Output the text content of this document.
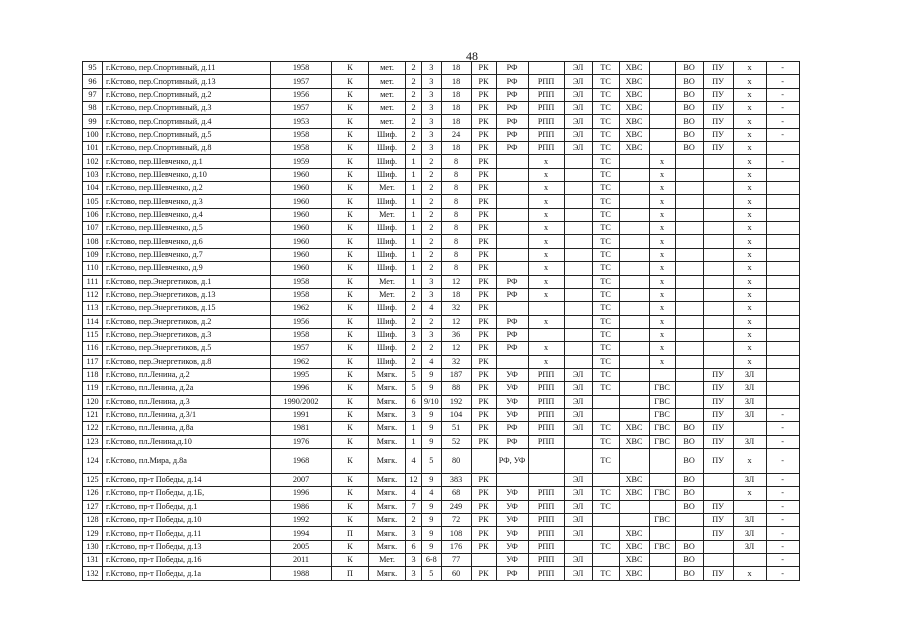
48
95	г.Кстово, пер.Спортивный, д.11	1958	К	мет.	2	3	18	РК	РФ		ЭЛ	ТС	ХВС		ВО	ПУ	х	-
96	г.Кстово, пер.Спортивный, д.13	1957	К	мет.	2	3	18	РК	РФ	РПП	ЭЛ	ТС	ХВС		ВО	ПУ	х	-
97	г.Кстово, пер.Спортивный, д.2	1956	К	мет.	2	3	18	РК	РФ	РПП	ЭЛ	ТС	ХВС		ВО	ПУ	х	-
98	г.Кстово, пер.Спортивный, д.3	1957	К	мет.	2	3	18	РК	РФ	РПП	ЭЛ	ТС	ХВС		ВО	ПУ	х	-
99	г.Кстово, пер.Спортивный, д.4	1953	К	мет.	2	3	18	РК	РФ	РПП	ЭЛ	ТС	ХВС		ВО	ПУ	х	-
100	г.Кстово, пер.Спортивный, д.5	1958	К	Шиф.	2	3	24	РК	РФ	РПП	ЭЛ	ТС	ХВС		ВО	ПУ	х	-
101	г.Кстово, пер.Спортивный, д.8	1958	К	Шиф.	2	3	18	РК	РФ	РПП	ЭЛ	ТС	ХВС		ВО	ПУ	х	
102	г.Кстово, пер.Шевченко, д.1	1959	К	Шиф.	1	2	8	РК		х		ТС		х			х	-
103	г.Кстово, пер.Шевченко, д.10	1960	К	Шиф.	1	2	8	РК		х		ТС		х			х	
104	г.Кстово, пер.Шевченко, д.2	1960	К	Мет.	1	2	8	РК		х		ТС		х			х	
105	г.Кстово, пер.Шевченко, д.3	1960	К	Шиф.	1	2	8	РК		х		ТС		х			х	
106	г.Кстово, пер.Шевченко, д.4	1960	К	Мет.	1	2	8	РК		х		ТС		х			х	
107	г.Кстово, пер.Шевченко, д.5	1960	К	Шиф.	1	2	8	РК		х		ТС		х			х	
108	г.Кстово, пер.Шевченко, д.6	1960	К	Шиф.	1	2	8	РК		х		ТС		х			х	
109	г.Кстово, пер.Шевченко, д.7	1960	К	Шиф.	1	2	8	РК		х		ТС		х			х	
110	г.Кстово, пер.Шевченко, д.9	1960	К	Шиф.	1	2	8	РК		х		ТС		х			х	
111	г.Кстово, пер.Энергетиков, д.1	1958	К	Мет.	1	3	12	РК	РФ	х		ТС		х			х	
112	г.Кстово, пер.Энергетиков, д.13	1958	К	Мет.	2	3	18	РК	РФ	х		ТС		х			х	
113	г.Кстово, пер.Энергетиков, д.15	1962	К	Шиф.	2	4	32	РК				ТС		х			х	
114	г.Кстово, пер.Энергетиков, д.2	1956	К	Шиф.	2	2	12	РК	РФ	х		ТС		х			х	
115	г.Кстово, пер.Энергетиков, д.3	1958	К	Шиф.	3	3	36	РК	РФ			ТС		х			х	
116	г.Кстово, пер.Энергетиков, д.5	1957	К	Шиф.	2	2	12	РК	РФ	х		ТС		х			х	
117	г.Кстово, пер.Энергетиков, д.8	1962	К	Шиф.	2	4	32	РК		х		ТС		х			х	
118	г.Кстово, пл.Ленина, д.2	1995	К	Мягк.	5	9	187	РК	УФ	РПП	ЭЛ	ТС				ПУ	ЗЛ	
119	г.Кстово, пл.Ленина, д.2а	1996	К	Мягк.	5	9	88	РК	УФ	РПП	ЭЛ	ТС		ГВС		ПУ	ЗЛ	
120	г.Кстово, пл.Ленина, д.3	1990/2002	К	Мягк.	6	9/10	192	РК	УФ	РПП	ЭЛ			ГВС		ПУ	ЗЛ	
121	г.Кстово, пл.Ленина, д.3/1	1991	К	Мягк.	3	9	104	РК	УФ	РПП	ЭЛ			ГВС		ПУ	ЗЛ	-
122	г.Кстово, пл.Ленина, д.8а	1981	К	Мягк.	1	9	51	РК	РФ	РПП	ЭЛ	ТС	ХВС	ГВС	ВО	ПУ		-
123	г.Кстово, пл.Ленина,д.10	1976	К	Мягк.	1	9	52	РК	РФ	РПП		ТС	ХВС	ГВС	ВО	ПУ	ЗЛ	-
124	г.Кстово, пл.Мира, д.8а	1968	К	Мягк.	4	5	80		РФ, УФ			ТС			ВО	ПУ	х	-
125	г.Кстово, пр-т Победы, д.14	2007	К	Мягк.	12	9	383	РК			ЭЛ		ХВС		ВО		ЗЛ	-
126	г.Кстово, пр-т Победы, д.1Б,	1996	К	Мягк.	4	4	68	РК	УФ	РПП	ЭЛ	ТС	ХВС	ГВС	ВО		х	-
127	г.Кстово, пр-т Победы, д.1	1986	К	Мягк.	7	9	249	РК	УФ	РПП	ЭЛ	ТС			ВО	ПУ		-
128	г.Кстово, пр-т Победы, д.10	1992	К	Мягк.	2	9	72	РК	УФ	РПП	ЭЛ			ГВС		ПУ	ЗЛ	-
129	г.Кстово, пр-т Победы, д.11	1994	П	Мягк.	3	9	108	РК	УФ	РПП	ЭЛ		ХВС			ПУ	ЗЛ	-
130	г.Кстово, пр-т Победы, д.13	2005	К	Мягк.	6	9	176	РК	УФ	РПП		ТС	ХВС	ГВС	ВО		ЗЛ	-
131	г.Кстово, пр-т Победы, д.16	2011	К	Мет.	3	6-8	77		УФ	РПП	ЭЛ		ХВС		ВО			-
132	г.Кстово, пр-т Победы, д.1а	1988	П	Мягк.	3	5	60	РК	РФ	РПП	ЭЛ	ТС	ХВС		ВО	ПУ	х	-
